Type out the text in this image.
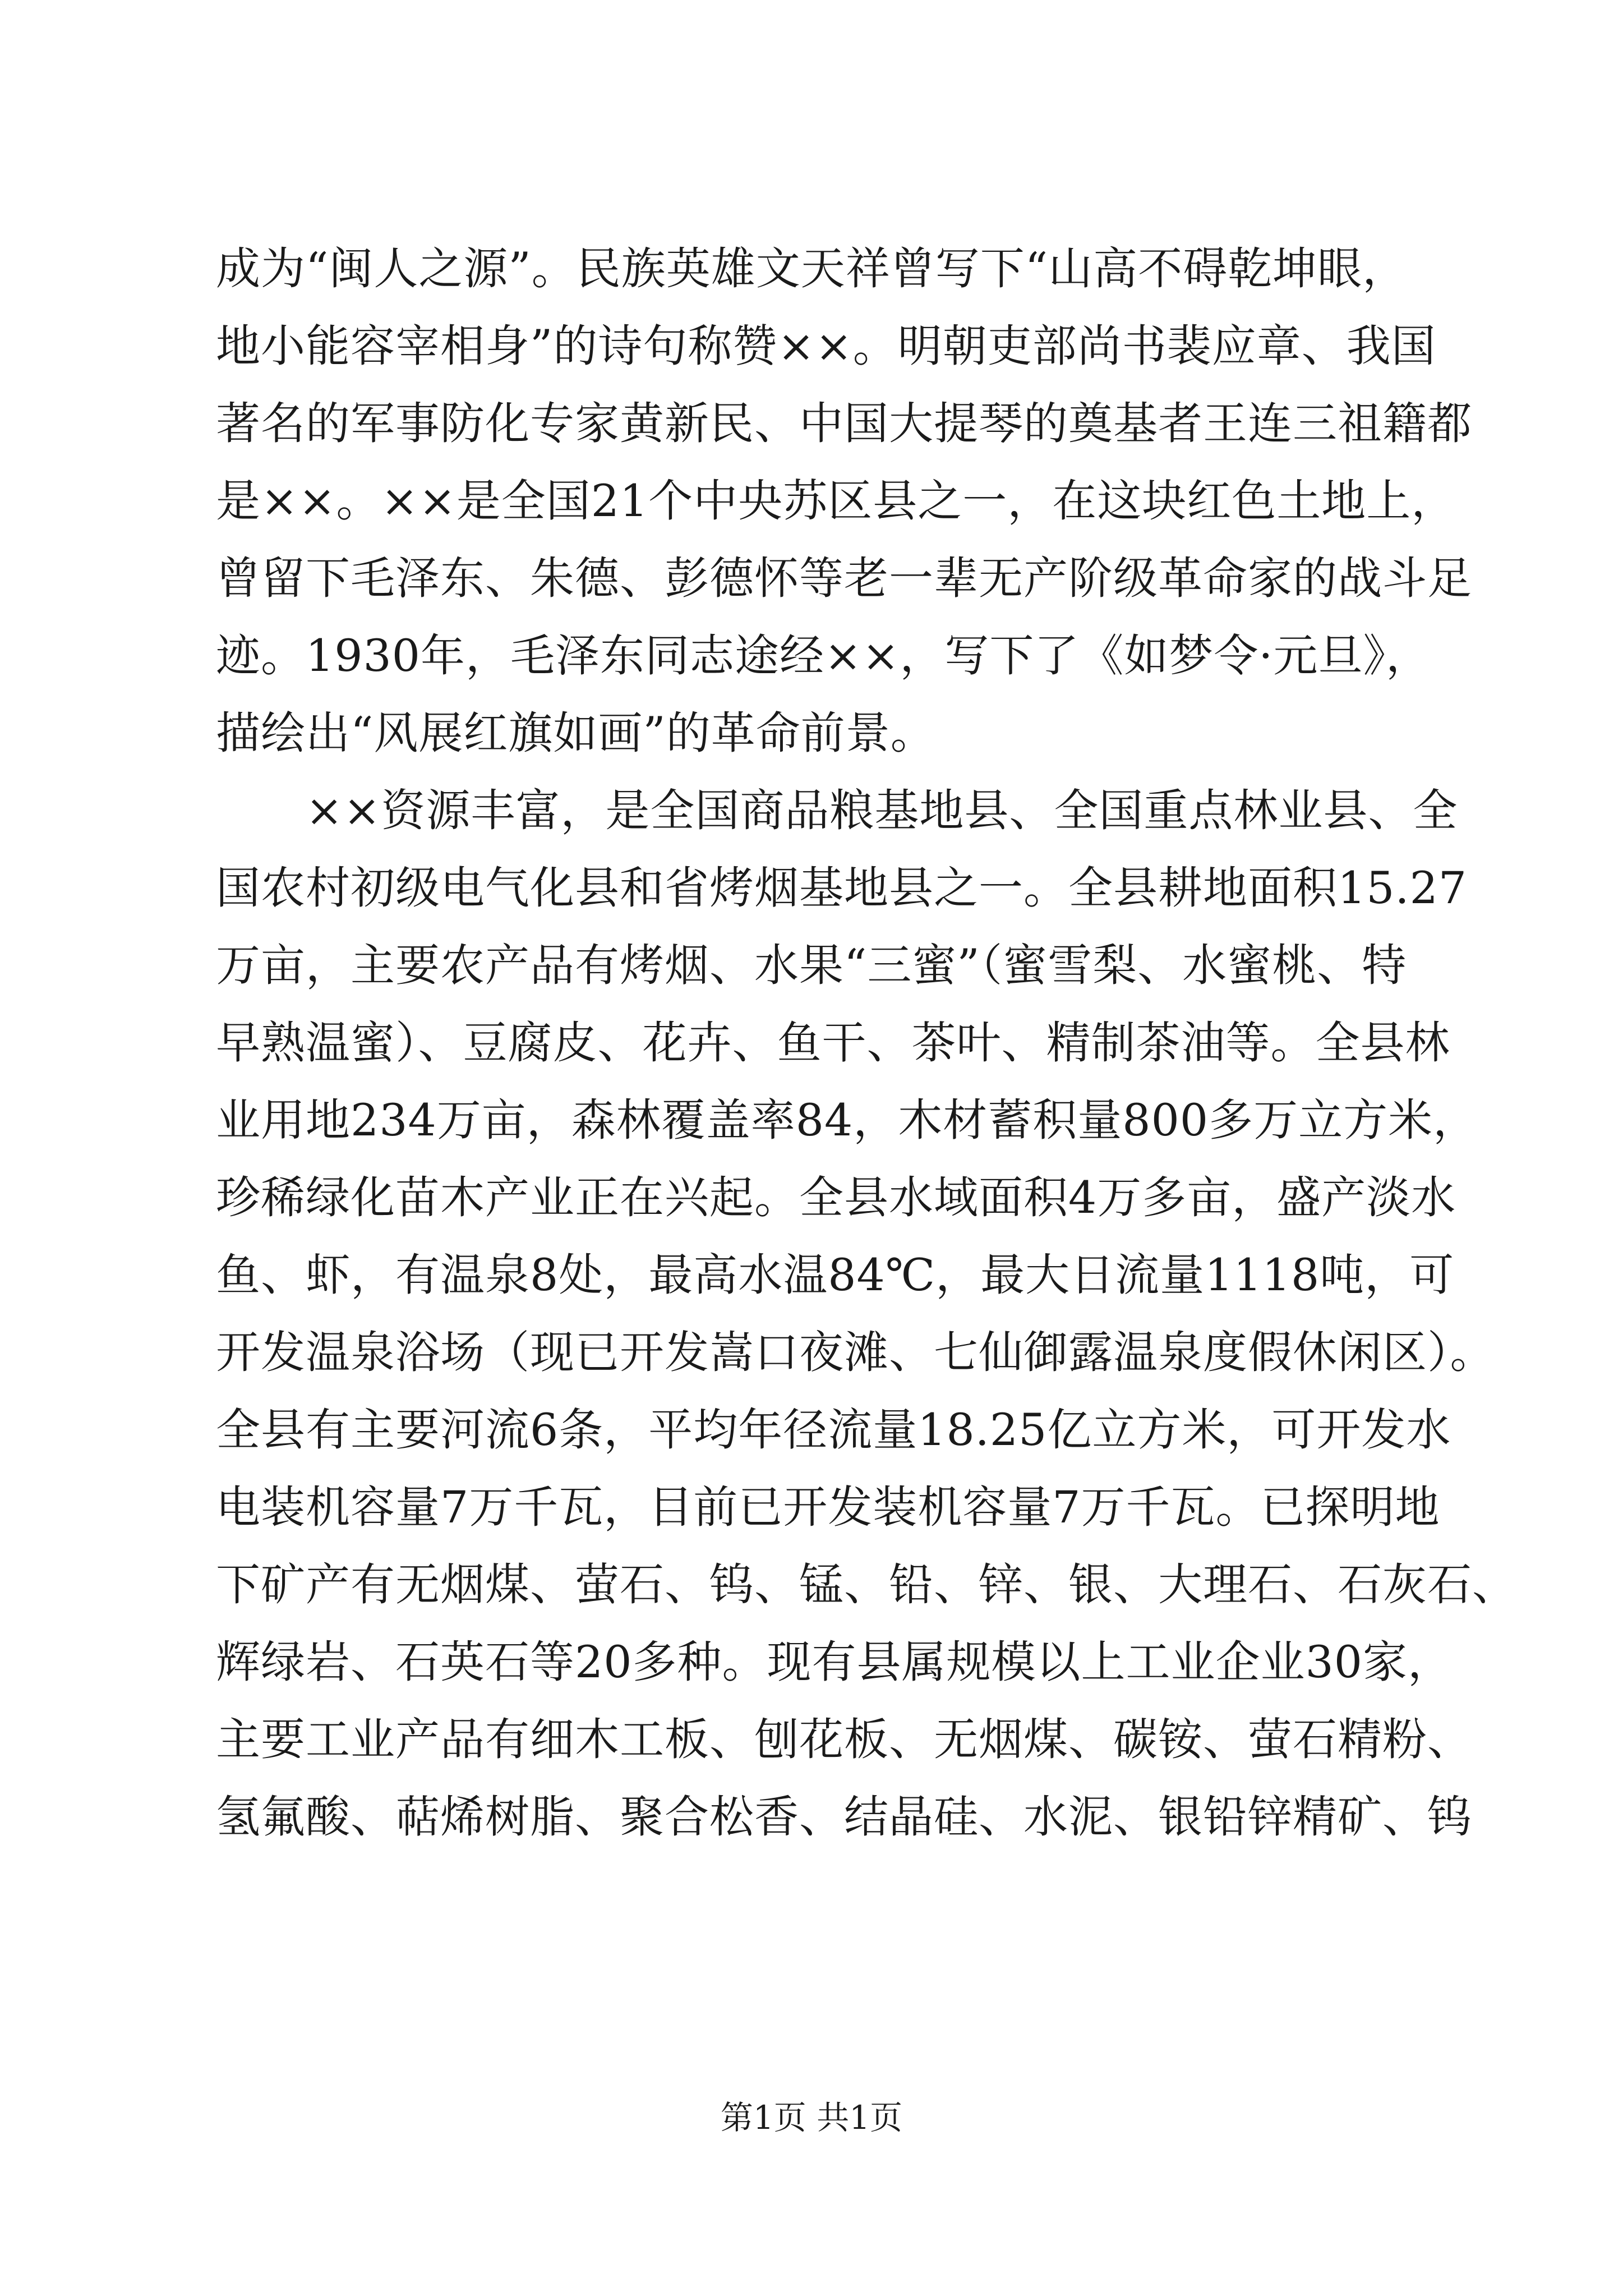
成为“闽人之源”。民族英雄文天祥曾写下“山高不碍乾坤眼，
地小能容宰相身”的诗句称赞××。明朝吏部尚书裴应章、我国
著名的军事防化专家黄新民、中国大提琴的奠基者王连三祖籍都
是××。××是全国21个中央苏区县之一，在这块红色土地上，
曾留下毛泽东、朱德、彭德怀等老一辈无产阶级革命家的战斗足
迹。1930年，毛泽东同志途经××，写下了《如梦令·元旦》，
描绘出“风展红旗如画”的革命前景。
　　××资源丰富，是全国商品粮基地县、全国重点林业县、全
国农村初级电气化县和省烤烟基地县之一。全县耕地面积15.27
万亩，主要农产品有烤烟、水果“三蜜”（蜜雪梨、水蜜桃、特
早熟温蜜）、豆腐皮、花卉、鱼干、茶叶、精制茶油等。全县林
业用地234万亩，森林覆盖率84，木材蓄积量800多万立方米，
珍稀绿化苗木产业正在兴起。全县水域面积4万多亩，盛产淡水
鱼、虾，有温泉8处，最高水温84℃，最大日流量1118吨，可
开发温泉浴场（现已开发嵩口夜滩、七仙御露温泉度假休闲区）。
全县有主要河流6条，平均年径流量18.25亿立方米，可开发水
电装机容量7万千瓦，目前已开发装机容量7万千瓦。已探明地
下矿产有无烟煤、萤石、钨、锰、铅、锌、银、大理石、石灰石、
辉绿岩、石英石等20多种。现有县属规模以上工业企业30家，
主要工业产品有细木工板、刨花板、无烟煤、碳铵、萤石精粉、
氢氟酸、萜烯树脂、聚合松香、结晶硅、水泥、银铅锌精矿、钨
第1页 共1页
